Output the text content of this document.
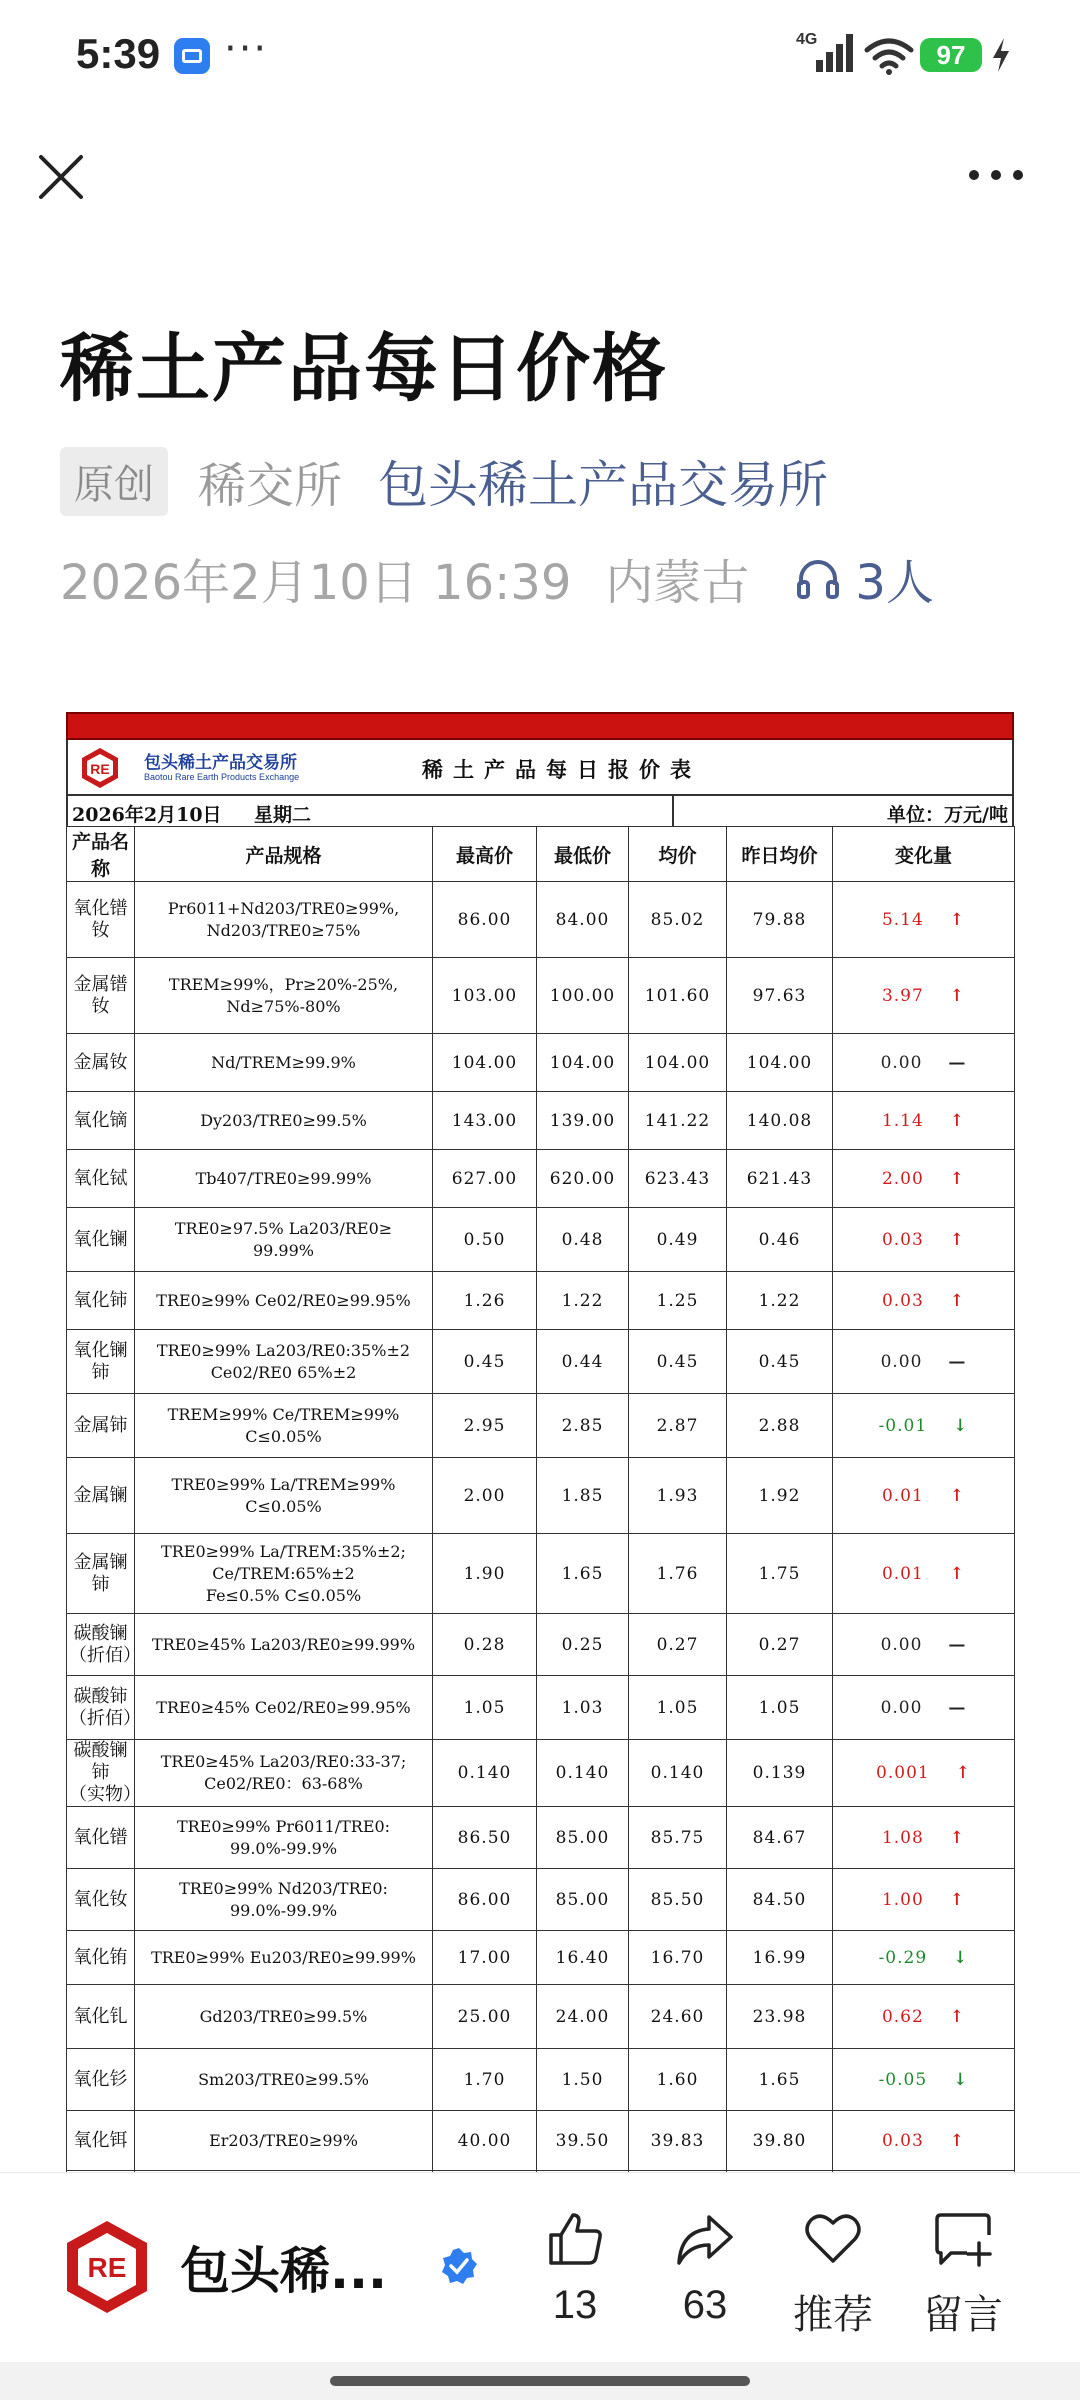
5:39 ···	4G
97
稀土产品每日价格
原创 稀交所 包头稀土产品交易所
2026年2月10日 16:39 内蒙古 3人
RE 包头稀土产品交易所
Baotou Rare Earth Products Exchange	稀土产品每日报价表
2026年2月10日 星期二	单位：万元/吨
产品名称	产品规格	最高价	最低价	均价	昨日均价	变化量
氧化镨钕	Pr6011+Nd203/TRE0≥99%,
Nd203/TRE0≥75%	86.00	84.00	85.02	79.88	5.14 ↑
金属镨钕	TREM≥99%，Pr≥20%-25%,
Nd≥75%-80%	103.00	100.00	101.60	97.63	3.97 ↑
金属钕	Nd/TREM≥99.9%	104.00	104.00	104.00	104.00	0.00 —
氧化镝	Dy203/TRE0≥99.5%	143.00	139.00	141.22	140.08	1.14 ↑
氧化铽	Tb407/TRE0≥99.99%	627.00	620.00	623.43	621.43	2.00 ↑
氧化镧	TRE0≥97.5% La203/RE0≥
99.99%	0.50	0.48	0.49	0.46	0.03 ↑
氧化铈	TRE0≥99% Ce02/RE0≥99.95%	1.26	1.22	1.25	1.22	0.03 ↑
氧化镧铈	TRE0≥99% La203/RE0:35%±2
Ce02/RE0 65%±2	0.45	0.44	0.45	0.45	0.00 —
金属铈	TREM≥99% Ce/TREM≥99%
C≤0.05%	2.95	2.85	2.87	2.88	-0.01 ↓
金属镧	TRE0≥99% La/TREM≥99%
C≤0.05%	2.00	1.85	1.93	1.92	0.01 ↑
金属镧铈	TRE0≥99% La/TREM:35%±2;
Ce/TREM:65%±2
Fe≤0.5% C≤0.05%	1.90	1.65	1.76	1.75	0.01 ↑
碳酸镧
（折佰）	TRE0≥45% La203/RE0≥99.99%	0.28	0.25	0.27	0.27	0.00 —
碳酸铈
（折佰）	TRE0≥45% Ce02/RE0≥99.95%	1.05	1.03	1.05	1.05	0.00 —
碳酸镧铈
（实物）	TRE0≥45% La203/RE0:33-37;
Ce02/RE0：63-68%	0.140	0.140	0.140	0.139	0.001 ↑
氧化镨	TRE0≥99% Pr6011/TRE0:
99.0%-99.9%	86.50	85.00	85.75	84.67	1.08 ↑
氧化钕	TRE0≥99% Nd203/TRE0:
99.0%-99.9%	86.00	85.00	85.50	84.50	1.00 ↑
氧化铕	TRE0≥99% Eu203/RE0≥99.99%	17.00	16.40	16.70	16.99	-0.29 ↓
氧化钆	Gd203/TRE0≥99.5%	25.00	24.00	24.60	23.98	0.62 ↑
氧化钐	Sm203/TRE0≥99.5%	1.70	1.50	1.60	1.65	-0.05 ↓
氧化铒	Er203/TRE0≥99%	40.00	39.50	39.83	39.80	0.03 ↑

RE 包头稀...
13	63	推荐	留言
